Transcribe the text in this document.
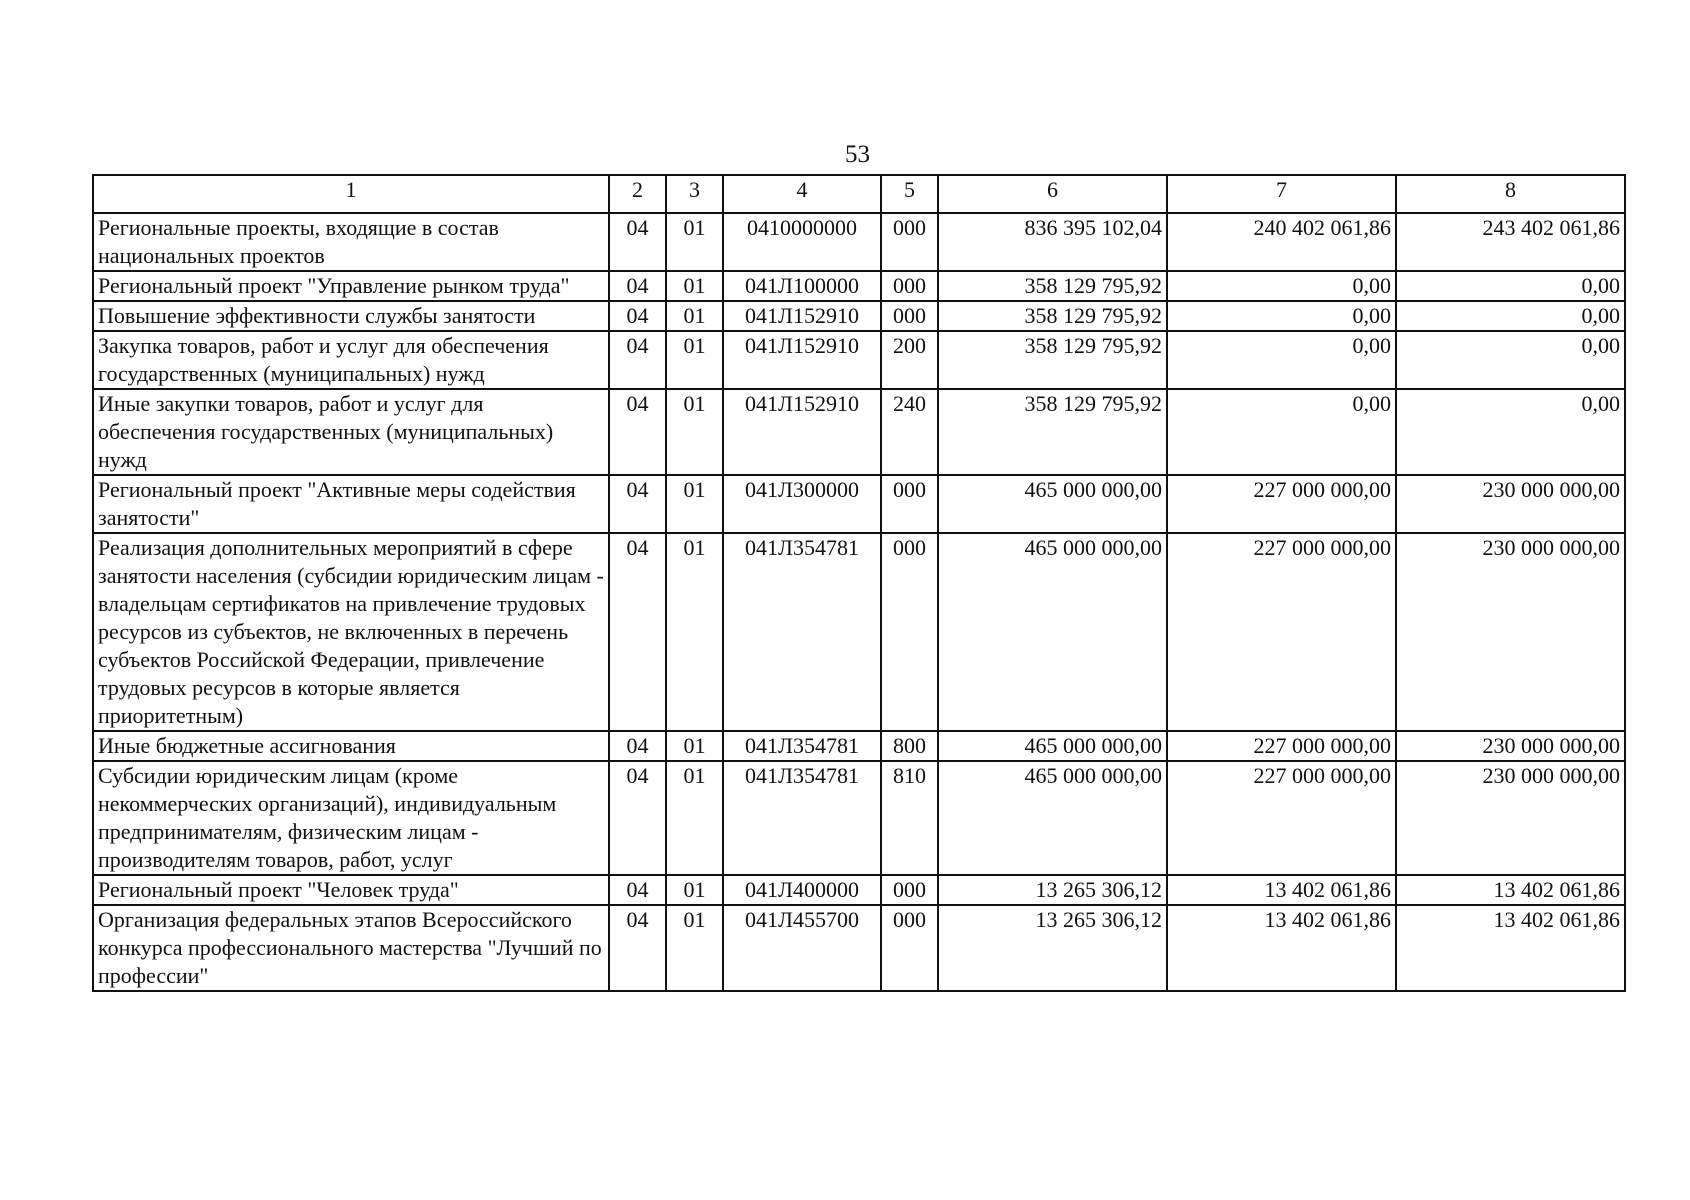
53
1	2	3	4	5	6	7	8
Региональные проекты, входящие в состав национальных проектов	04	01	0410000000	000	836 395 102,04	240 402 061,86	243 402 061,86
Региональный проект "Управление рынком труда"	04	01	041Л100000	000	358 129 795,92	0,00	0,00
Повышение эффективности службы занятости	04	01	041Л152910	000	358 129 795,92	0,00	0,00
Закупка товаров, работ и услуг для обеспечения государственных (муниципальных) нужд	04	01	041Л152910	200	358 129 795,92	0,00	0,00
Иные закупки товаров, работ и услуг для обеспечения государственных (муниципальных) нужд	04	01	041Л152910	240	358 129 795,92	0,00	0,00
Региональный проект "Активные меры содействия занятости"	04	01	041Л300000	000	465 000 000,00	227 000 000,00	230 000 000,00
Реализация дополнительных мероприятий в сфере занятости населения (субсидии юридическим лицам - владельцам сертификатов на привлечение трудовых ресурсов из субъектов, не включенных в перечень субъектов Российской Федерации, привлечение трудовых ресурсов в которые является приоритетным)	04	01	041Л354781	000	465 000 000,00	227 000 000,00	230 000 000,00
Иные бюджетные ассигнования	04	01	041Л354781	800	465 000 000,00	227 000 000,00	230 000 000,00
Субсидии юридическим лицам (кроме некоммерческих организаций), индивидуальным предпринимателям, физическим лицам - производителям товаров, работ, услуг	04	01	041Л354781	810	465 000 000,00	227 000 000,00	230 000 000,00
Региональный проект "Человек труда"	04	01	041Л400000	000	13 265 306,12	13 402 061,86	13 402 061,86
Организация федеральных этапов Всероссийского конкурса профессионального мастерства "Лучший по профессии"	04	01	041Л455700	000	13 265 306,12	13 402 061,86	13 402 061,86
